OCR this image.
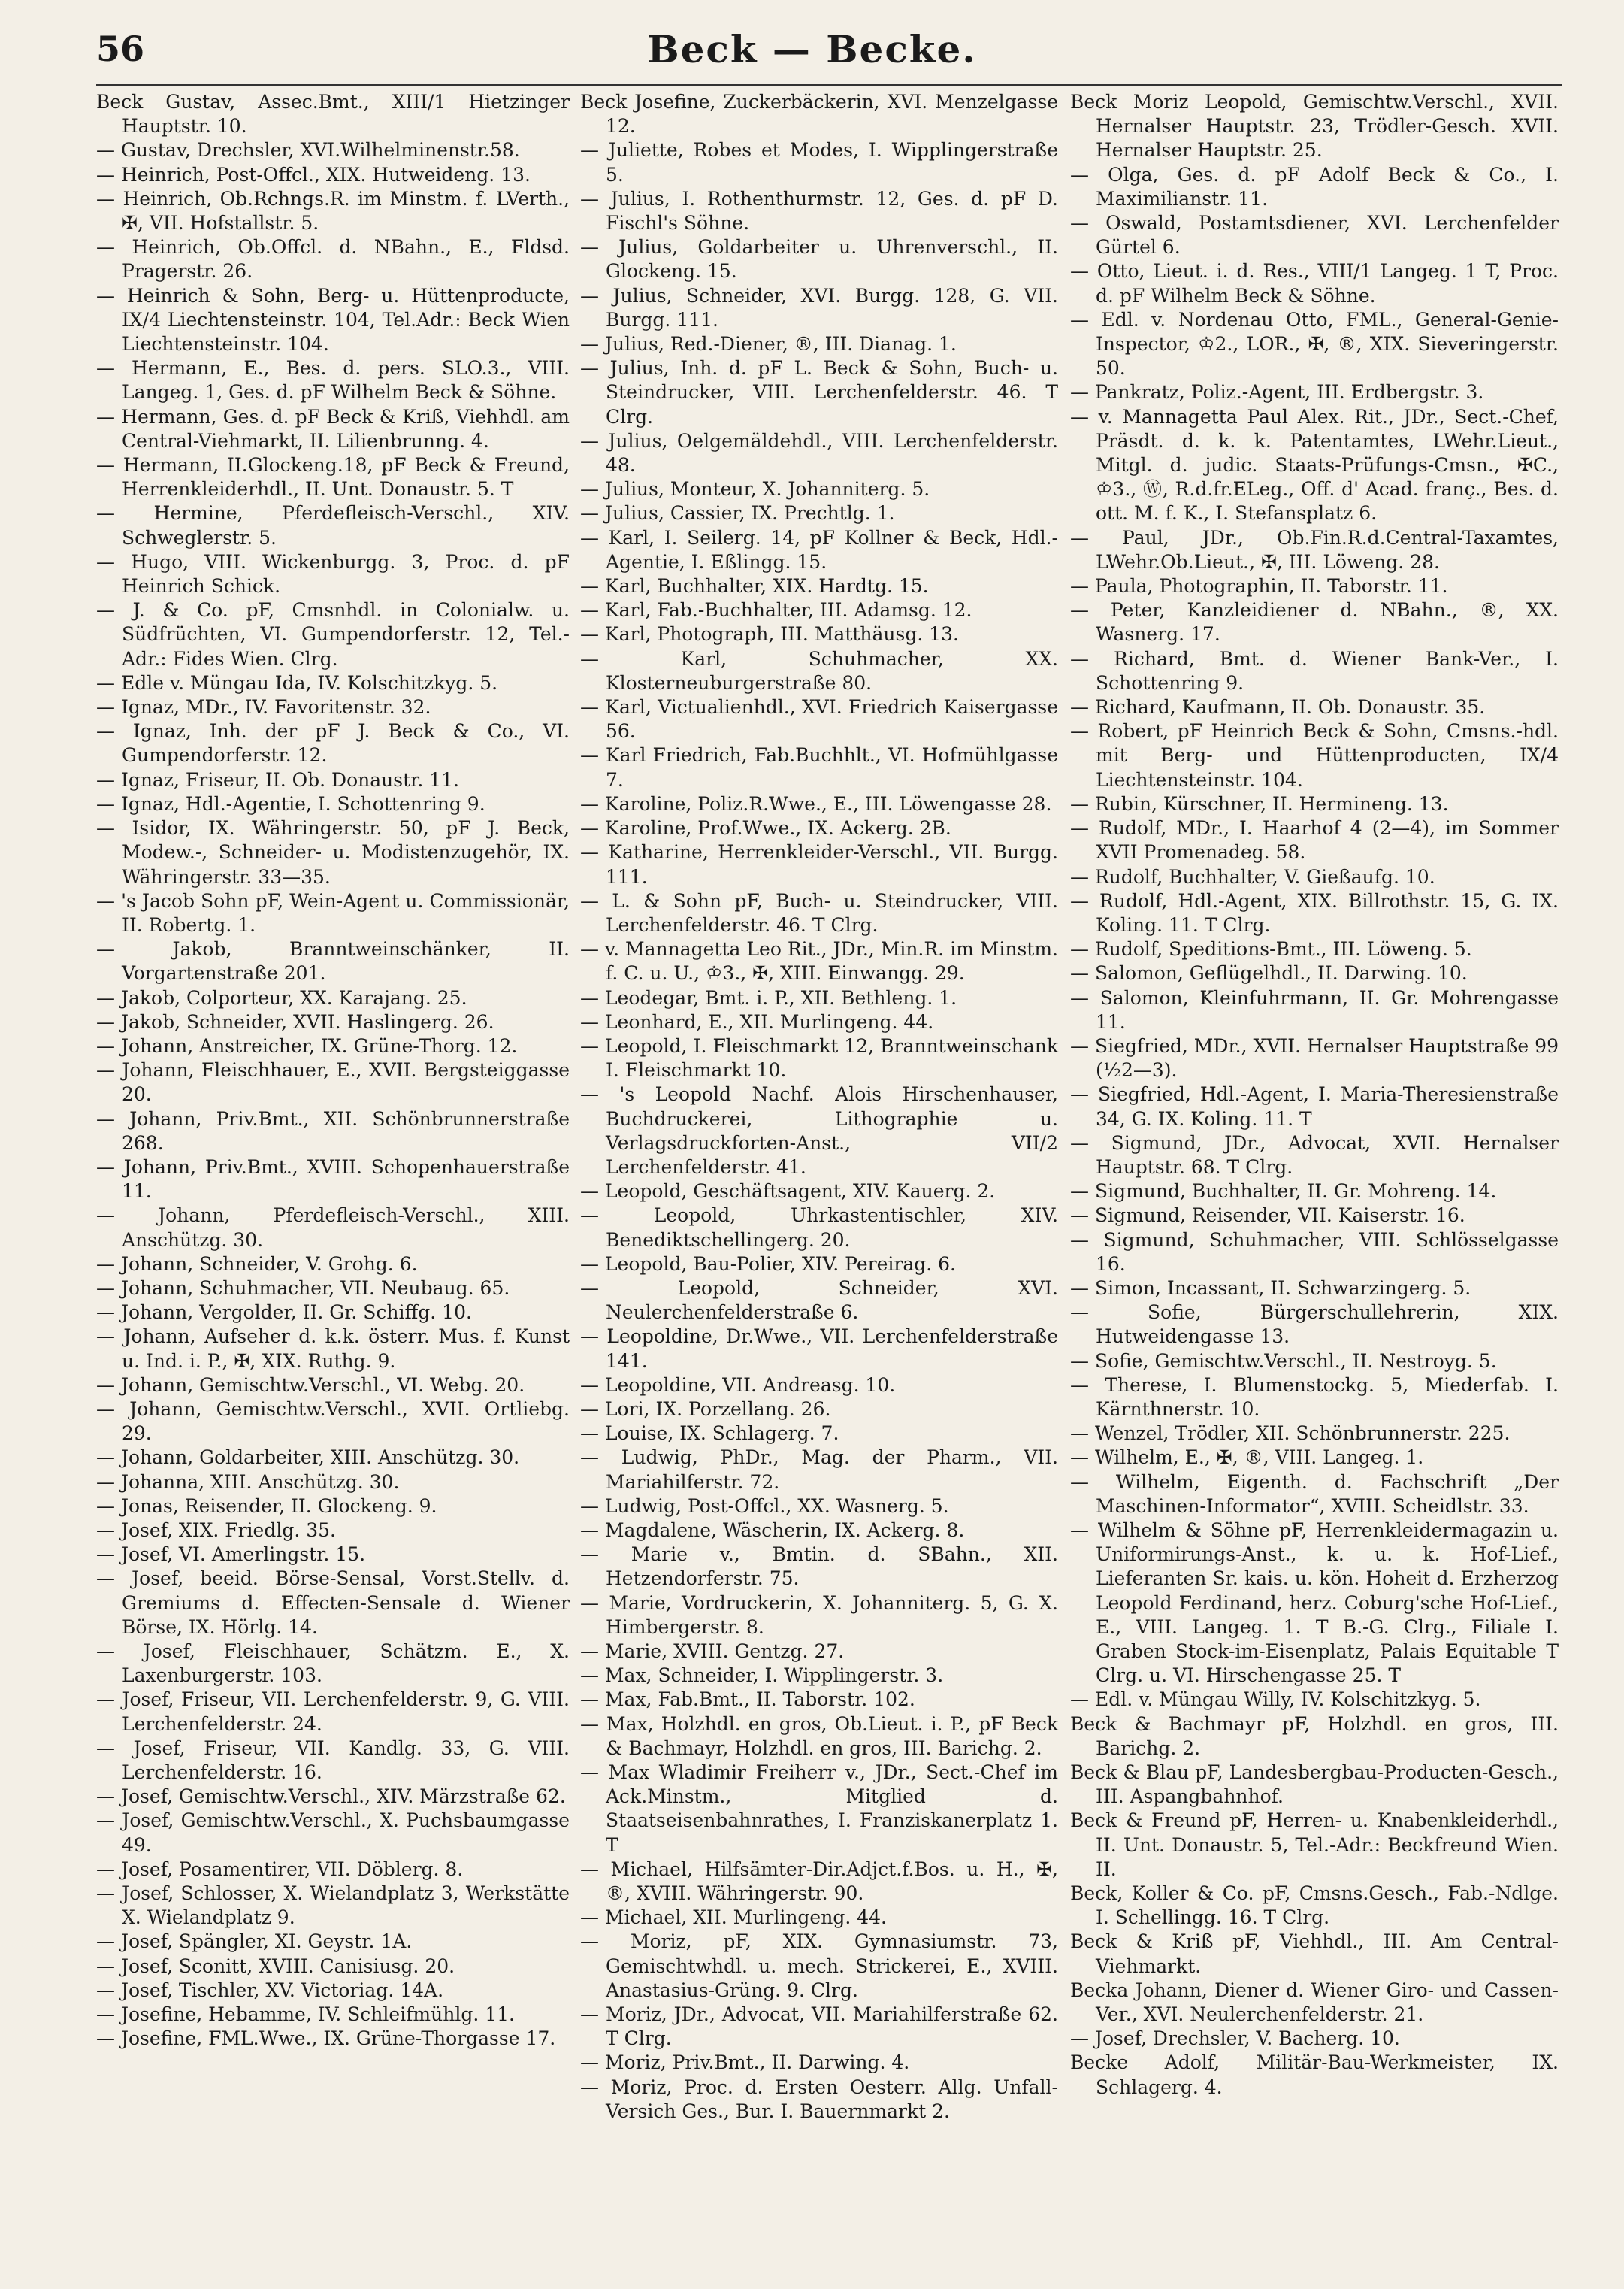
56	Beck — Becke.

Beck Gustav, Assec.Bmt., XIII/1 Hietzinger Hauptstr. 10.

— Gustav, Drechsler, XVI.Wilhelminenstr.58.

— Heinrich, Post-Offcl., XIX. Hutweideng. 13.

— Heinrich, Ob.Rchngs.R. im Minstm. f. LVerth., ✠, VII. Hofstallstr. 5.

— Heinrich, Ob.Offcl. d. NBahn., E., Fldsd. Pragerstr. 26.

— Heinrich & Sohn, Berg- u. Hüttenproducte, IX/4 Liechtensteinstr. 104, Tel.Adr.: Beck Wien Liechtensteinstr. 104.

— Hermann, E., Bes. d. pers. SLO.3., VIII. Langeg. 1, Ges. d. pF Wilhelm Beck & Söhne.

— Hermann, Ges. d. pF Beck & Kriß, Viehhdl. am Central-Viehmarkt, II. Lilienbrunng. 4.

— Hermann, II.Glockeng.18, pF Beck & Freund, Herrenkleiderhdl., II. Unt. Donaustr. 5. T

— Hermine, Pferdefleisch-Verschl., XIV. Schweglerstr. 5.

— Hugo, VIII. Wickenburgg. 3, Proc. d. pF Heinrich Schick.

— J. & Co. pF, Cmsnhdl. in Colonialw. u. Südfrüchten, VI. Gumpendorferstr. 12, Tel.-Adr.: Fides Wien. Clrg.

— Edle v. Müngau Ida, IV. Kolschitzkyg. 5.

— Ignaz, MDr., IV. Favoritenstr. 32.

— Ignaz, Inh. der pF J. Beck & Co., VI. Gumpendorferstr. 12.

— Ignaz, Friseur, II. Ob. Donaustr. 11.

— Ignaz, Hdl.-Agentie, I. Schottenring 9.

— Isidor, IX. Währingerstr. 50, pF J. Beck, Modew.-, Schneider- u. Modistenzugehör, IX. Währingerstr. 33—35.

— 's Jacob Sohn pF, Wein-Agent u. Commissionär, II. Robertg. 1.

— Jakob, Branntweinschänker, II. Vorgartenstraße 201.

— Jakob, Colporteur, XX. Karajang. 25.

— Jakob, Schneider, XVII. Haslingerg. 26.

— Johann, Anstreicher, IX. Grüne-Thorg. 12.

— Johann, Fleischhauer, E., XVII. Bergsteiggasse 20.

— Johann, Priv.Bmt., XII. Schönbrunnerstraße 268.

— Johann, Priv.Bmt., XVIII. Schopenhauerstraße 11.

— Johann, Pferdefleisch-Verschl., XIII. Anschützg. 30.

— Johann, Schneider, V. Grohg. 6.

— Johann, Schuhmacher, VII. Neubaug. 65.

— Johann, Vergolder, II. Gr. Schiffg. 10.

— Johann, Aufseher d. k.k. österr. Mus. f. Kunst u. Ind. i. P., ✠, XIX. Ruthg. 9.

— Johann, Gemischtw.Verschl., VI. Webg. 20.

— Johann, Gemischtw.Verschl., XVII. Ortliebg. 29.

— Johann, Goldarbeiter, XIII. Anschützg. 30.

— Johanna, XIII. Anschützg. 30.

— Jonas, Reisender, II. Glockeng. 9.

— Josef, XIX. Friedlg. 35.

— Josef, VI. Amerlingstr. 15.

— Josef, beeid. Börse-Sensal, Vorst.Stellv. d. Gremiums d. Effecten-Sensale d. Wiener Börse, IX. Hörlg. 14.

— Josef, Fleischhauer, Schätzm. E., X. Laxenburgerstr. 103.

— Josef, Friseur, VII. Lerchenfelderstr. 9, G. VIII. Lerchenfelderstr. 24.

— Josef, Friseur, VII. Kandlg. 33, G. VIII. Lerchenfelderstr. 16.

— Josef, Gemischtw.Verschl., XIV. Märzstraße 62.

— Josef, Gemischtw.Verschl., X. Puchsbaumgasse 49.

— Josef, Posamentirer, VII. Döblerg. 8.

— Josef, Schlosser, X. Wielandplatz 3, Werkstätte X. Wielandplatz 9.

— Josef, Spängler, XI. Geystr. 1A.

— Josef, Sconitt, XVIII. Canisiusg. 20.

— Josef, Tischler, XV. Victoriag. 14A.

— Josefine, Hebamme, IV. Schleifmühlg. 11.

— Josefine, FML.Wwe., IX. Grüne-Thorgasse 17.

Beck Josefine, Zuckerbäckerin, XVI. Menzelgasse 12.

— Juliette, Robes et Modes, I. Wipplingerstraße 5.

— Julius, I. Rothenthurmstr. 12, Ges. d. pF D. Fischl's Söhne.

— Julius, Goldarbeiter u. Uhrenverschl., II. Glockeng. 15.

— Julius, Schneider, XVI. Burgg. 128, G. VII. Burgg. 111.

— Julius, Red.-Diener, ®, III. Dianag. 1.

— Julius, Inh. d. pF L. Beck & Sohn, Buch- u. Steindrucker, VIII. Lerchenfelderstr. 46. T Clrg.

— Julius, Oelgemäldehdl., VIII. Lerchenfelderstr. 48.

— Julius, Monteur, X. Johanniterg. 5.

— Julius, Cassier, IX. Prechtlg. 1.

— Karl, I. Seilerg. 14, pF Kollner & Beck, Hdl.-Agentie, I. Eßlingg. 15.

— Karl, Buchhalter, XIX. Hardtg. 15.

— Karl, Fab.-Buchhalter, III. Adamsg. 12.

— Karl, Photograph, III. Matthäusg. 13.

— Karl, Schuhmacher, XX. Klosterneuburgerstraße 80.

— Karl, Victualienhdl., XVI. Friedrich Kaisergasse 56.

— Karl Friedrich, Fab.Buchhlt., VI. Hofmühlgasse 7.

— Karoline, Poliz.R.Wwe., E., III. Löwengasse 28.

— Karoline, Prof.Wwe., IX. Ackerg. 2B.

— Katharine, Herrenkleider-Verschl., VII. Burgg. 111.

— L. & Sohn pF, Buch- u. Steindrucker, VIII. Lerchenfelderstr. 46. T Clrg.

— v. Mannagetta Leo Rit., JDr., Min.R. im Minstm. f. C. u. U., ♔3., ✠, XIII. Einwangg. 29.

— Leodegar, Bmt. i. P., XII. Bethleng. 1.

— Leonhard, E., XII. Murlingeng. 44.

— Leopold, I. Fleischmarkt 12, Branntweinschank I. Fleischmarkt 10.

— 's Leopold Nachf. Alois Hirschenhauser, Buchdruckerei, Lithographie u. Verlagsdruckforten-Anst., VII/2 Lerchenfelderstr. 41.

— Leopold, Geschäftsagent, XIV. Kauerg. 2.

— Leopold, Uhrkastentischler, XIV. Benediktschellingerg. 20.

— Leopold, Bau-Polier, XIV. Pereirag. 6.

— Leopold, Schneider, XVI. Neulerchenfelderstraße 6.

— Leopoldine, Dr.Wwe., VII. Lerchenfelderstraße 141.

— Leopoldine, VII. Andreasg. 10.

— Lori, IX. Porzellang. 26.

— Louise, IX. Schlagerg. 7.

— Ludwig, PhDr., Mag. der Pharm., VII. Mariahilferstr. 72.

— Ludwig, Post-Offcl., XX. Wasnerg. 5.

— Magdalene, Wäscherin, IX. Ackerg. 8.

— Marie v., Bmtin. d. SBahn., XII. Hetzendorferstr. 75.

— Marie, Vordruckerin, X. Johanniterg. 5, G. X. Himbergerstr. 8.

— Marie, XVIII. Gentzg. 27.

— Max, Schneider, I. Wipplingerstr. 3.

— Max, Fab.Bmt., II. Taborstr. 102.

— Max, Holzhdl. en gros, Ob.Lieut. i. P., pF Beck & Bachmayr, Holzhdl. en gros, III. Barichg. 2.

— Max Wladimir Freiherr v., JDr., Sect.-Chef im Ack.Minstm., Mitglied d. Staatseisenbahnrathes, I. Franziskanerplatz 1. T

— Michael, Hilfsämter-Dir.Adjct.f.Bos. u. H., ✠, ®, XVIII. Währingerstr. 90.

— Michael, XII. Murlingeng. 44.

— Moriz, pF, XIX. Gymnasiumstr. 73, Gemischtwhdl. u. mech. Strickerei, E., XVIII. Anastasius-Grüng. 9. Clrg.

— Moriz, JDr., Advocat, VII. Mariahilferstraße 62. T Clrg.

— Moriz, Priv.Bmt., II. Darwing. 4.

— Moriz, Proc. d. Ersten Oesterr. Allg. Unfall-Versich Ges., Bur. I. Bauernmarkt 2.

Beck Moriz Leopold, Gemischtw.Verschl., XVII. Hernalser Hauptstr. 23, Trödler-Gesch. XVII. Hernalser Hauptstr. 25.

— Olga, Ges. d. pF Adolf Beck & Co., I. Maximilianstr. 11.

— Oswald, Postamtsdiener, XVI. Lerchenfelder Gürtel 6.

— Otto, Lieut. i. d. Res., VIII/1 Langeg. 1 T, Proc. d. pF Wilhelm Beck & Söhne.

— Edl. v. Nordenau Otto, FML., General-Genie-Inspector, ♔2., LOR., ✠, ®, XIX. Sieveringerstr. 50.

— Pankratz, Poliz.-Agent, III. Erdbergstr. 3.

— v. Mannagetta Paul Alex. Rit., JDr., Sect.-Chef, Präsdt. d. k. k. Patentamtes, LWehr.Lieut., Mitgl. d. judic. Staats-Prüfungs-Cmsn., ✠C., ♔3., Ⓦ, R.d.fr.ELeg., Off. d' Acad. franç., Bes. d. ott. M. f. K., I. Stefansplatz 6.

— Paul, JDr., Ob.Fin.R.d.Central-Taxamtes, LWehr.Ob.Lieut., ✠, III. Löweng. 28.

— Paula, Photographin, II. Taborstr. 11.

— Peter, Kanzleidiener d. NBahn., ®, XX. Wasnerg. 17.

— Richard, Bmt. d. Wiener Bank-Ver., I. Schottenring 9.

— Richard, Kaufmann, II. Ob. Donaustr. 35.

— Robert, pF Heinrich Beck & Sohn, Cmsns.-hdl. mit Berg- und Hüttenproducten, IX/4 Liechtensteinstr. 104.

— Rubin, Kürschner, II. Hermineng. 13.

— Rudolf, MDr., I. Haarhof 4 (2—4), im Sommer XVII Promenadeg. 58.

— Rudolf, Buchhalter, V. Gießaufg. 10.

— Rudolf, Hdl.-Agent, XIX. Billrothstr. 15, G. IX. Koling. 11. T Clrg.

— Rudolf, Speditions-Bmt., III. Löweng. 5.

— Salomon, Geflügelhdl., II. Darwing. 10.

— Salomon, Kleinfuhrmann, II. Gr. Mohrengasse 11.

— Siegfried, MDr., XVII. Hernalser Hauptstraße 99 (½2—3).

— Siegfried, Hdl.-Agent, I. Maria-Theresienstraße 34, G. IX. Koling. 11. T

— Sigmund, JDr., Advocat, XVII. Hernalser Hauptstr. 68. T Clrg.

— Sigmund, Buchhalter, II. Gr. Mohreng. 14.

— Sigmund, Reisender, VII. Kaiserstr. 16.

— Sigmund, Schuhmacher, VIII. Schlösselgasse 16.

— Simon, Incassant, II. Schwarzingerg. 5.

— Sofie, Bürgerschullehrerin, XIX. Hutweidengasse 13.

— Sofie, Gemischtw.Verschl., II. Nestroyg. 5.

— Therese, I. Blumenstockg. 5, Miederfab. I. Kärnthnerstr. 10.

— Wenzel, Trödler, XII. Schönbrunnerstr. 225.

— Wilhelm, E., ✠, ®, VIII. Langeg. 1.

— Wilhelm, Eigenth. d. Fachschrift „Der Maschinen-Informator“, XVIII. Scheidlstr. 33.

— Wilhelm & Söhne pF, Herrenkleidermagazin u. Uniformirungs-Anst., k. u. k. Hof-Lief., Lieferanten Sr. kais. u. kön. Hoheit d. Erzherzog Leopold Ferdinand, herz. Coburg'sche Hof-Lief., E., VIII. Langeg. 1. T B.-G. Clrg., Filiale I. Graben Stock-im-Eisenplatz, Palais Equitable T Clrg. u. VI. Hirschengasse 25. T

— Edl. v. Müngau Willy, IV. Kolschitzkyg. 5.

Beck & Bachmayr pF, Holzhdl. en gros, III. Barichg. 2.

Beck & Blau pF, Landesbergbau-Producten-Gesch., III. Aspangbahnhof.

Beck & Freund pF, Herren- u. Knabenkleiderhdl., II. Unt. Donaustr. 5, Tel.-Adr.: Beckfreund Wien. II.

Beck, Koller & Co. pF, Cmsns.Gesch., Fab.-Ndlge. I. Schellingg. 16. T Clrg.

Beck & Kriß pF, Viehhdl., III. Am Central-Viehmarkt.

Becka Johann, Diener d. Wiener Giro- und Cassen-Ver., XVI. Neulerchenfelderstr. 21.

— Josef, Drechsler, V. Bacherg. 10.

Becke Adolf, Militär-Bau-Werkmeister, IX. Schlagerg. 4.
